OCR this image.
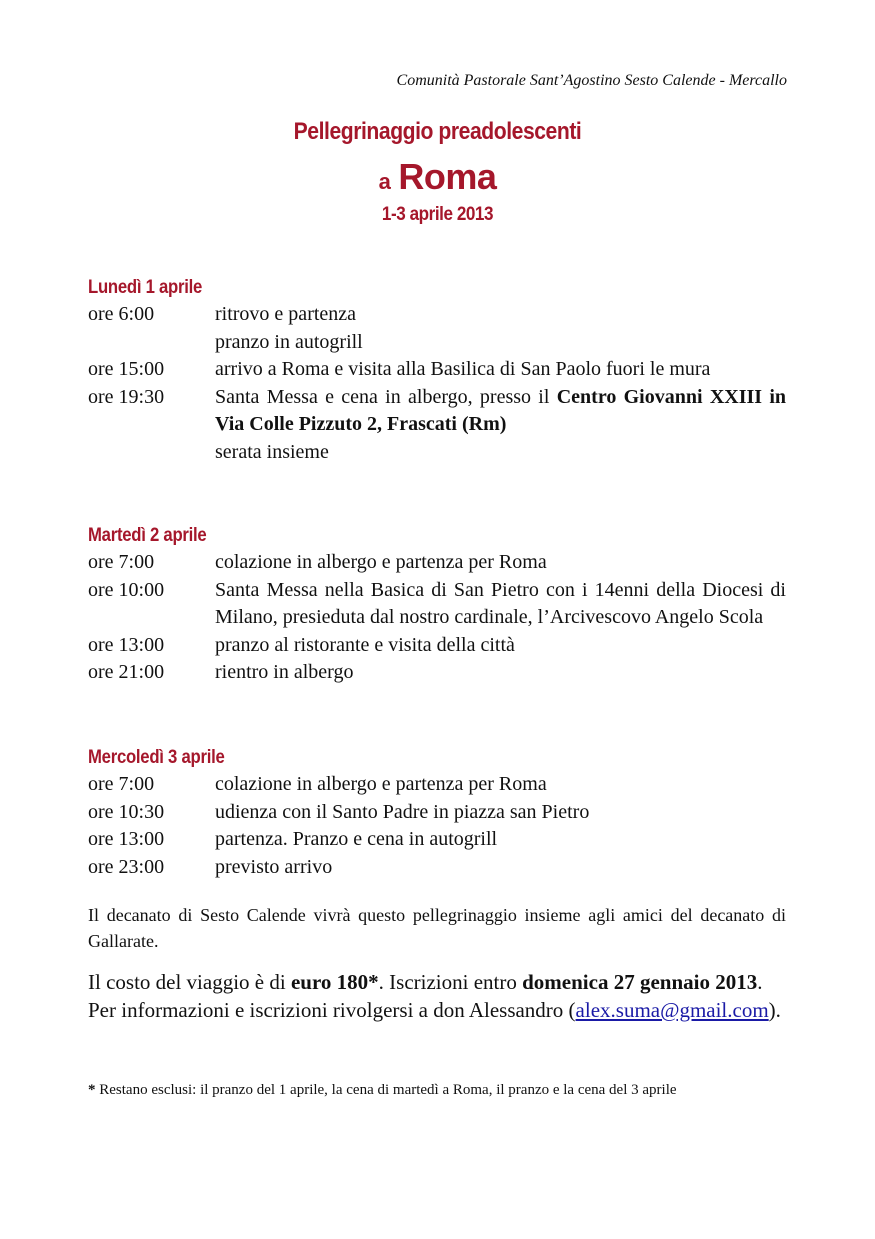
Comunità Pastorale Sant’Agostino Sesto Calende - Mercallo
Pellegrinaggio preadolescenti
a Roma
1-3 aprile 2013
Lunedì 1 aprile
ore 6:00	ritrovo e partenza
pranzo in autogrill
ore 15:00	arrivo a Roma e visita alla Basilica di San Paolo fuori le mura
ore 19:30	Santa Messa e cena in albergo, presso il Centro Giovanni XXIII in Via Colle Pizzuto 2, Frascati (Rm)
serata insieme
Martedì 2 aprile
ore 7:00	colazione in albergo e partenza per Roma
ore 10:00	Santa Messa nella Basica di San Pietro con i 14enni della Diocesi di Milano, presieduta dal nostro cardinale, l’Arcivescovo Angelo Scola
ore 13:00	pranzo al ristorante e visita della città
ore 21:00	rientro in albergo
Mercoledì 3 aprile
ore 7:00	colazione in albergo e partenza per Roma
ore 10:30	udienza con il Santo Padre in piazza san Pietro
ore 13:00	partenza. Pranzo e cena in autogrill
ore 23:00	previsto arrivo
Il decanato di Sesto Calende vivrà questo pellegrinaggio insieme agli amici del decanato di Gallarate.
Il costo del viaggio è di euro 180*. Iscrizioni entro domenica 27 gennaio 2013.
Per informazioni e iscrizioni rivolgersi a don Alessandro (alex.suma@gmail.com).
* Restano esclusi: il pranzo del 1 aprile, la cena di martedì a Roma, il pranzo e la cena del 3 aprile
